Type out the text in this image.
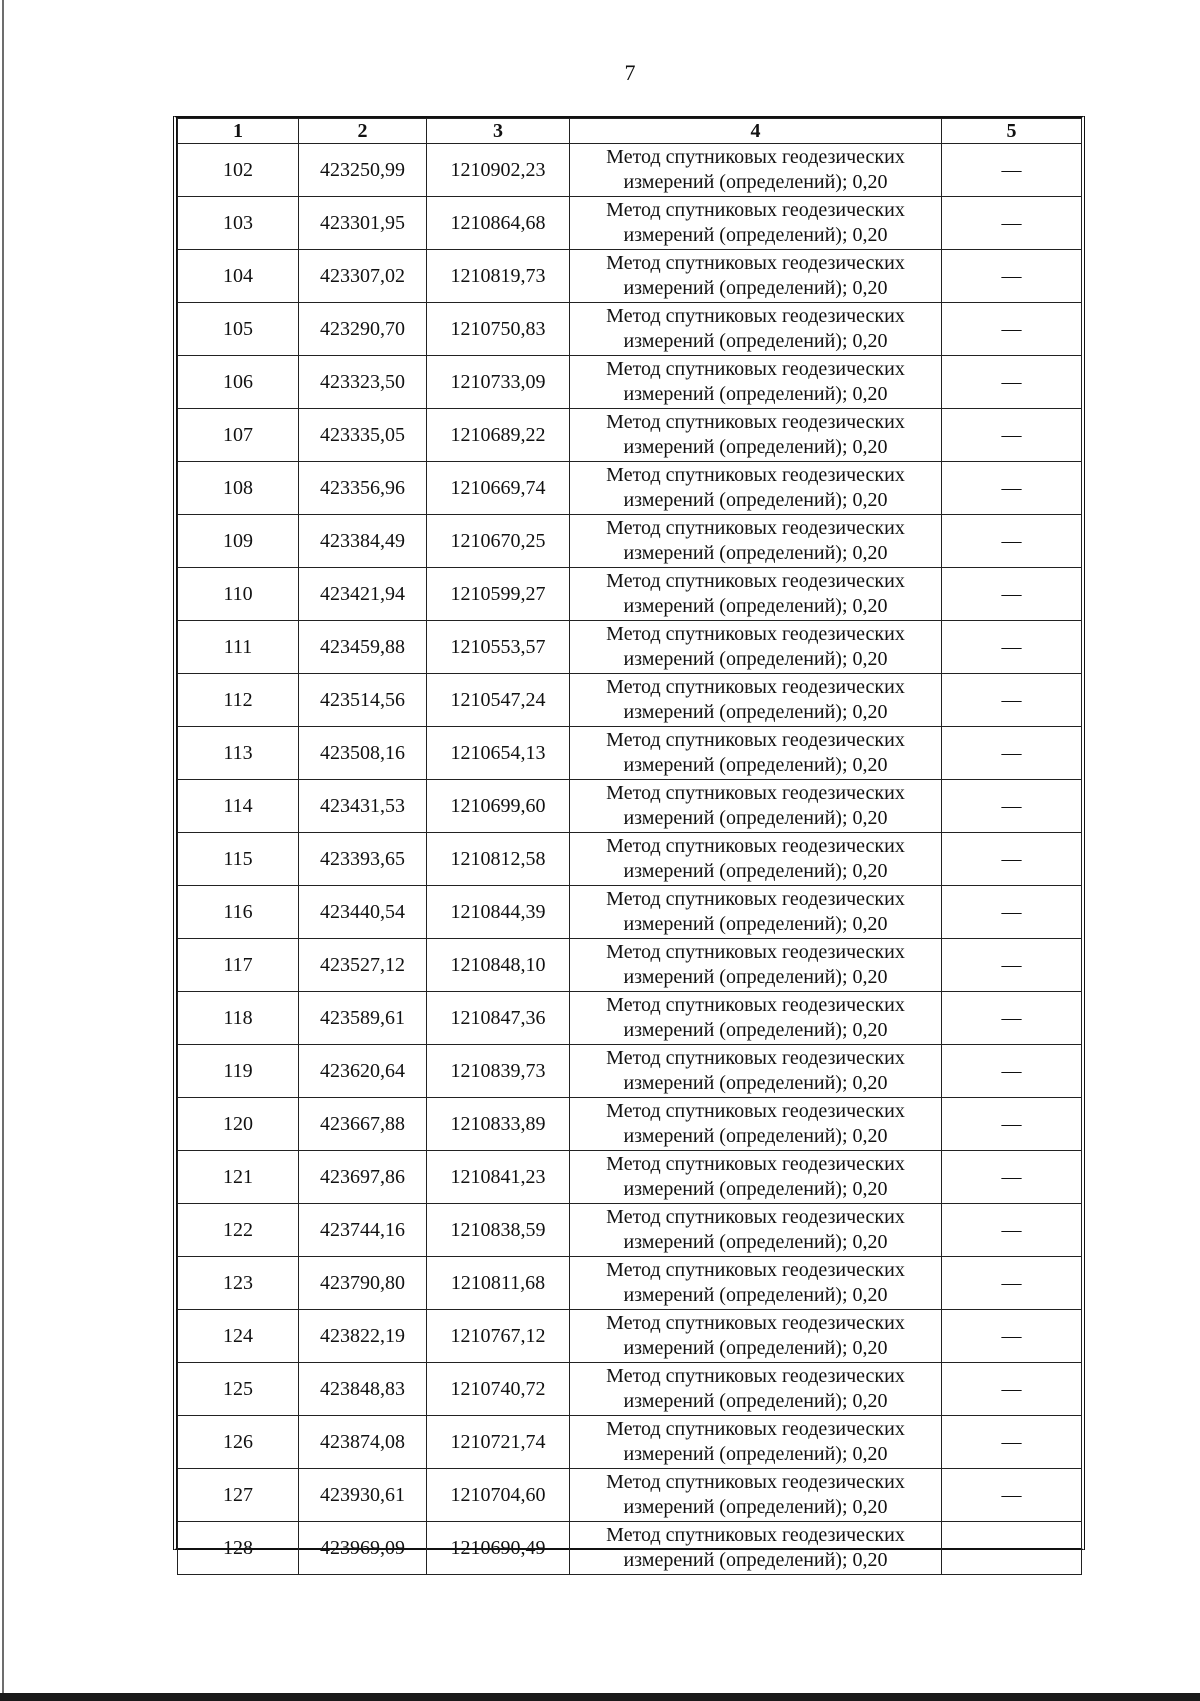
7
1	2	3	4	5
102	423250,99	1210902,23	Метод спутниковых геодезических
измерений (определений); 0,20	—
103	423301,95	1210864,68	Метод спутниковых геодезических
измерений (определений); 0,20	—
104	423307,02	1210819,73	Метод спутниковых геодезических
измерений (определений); 0,20	—
105	423290,70	1210750,83	Метод спутниковых геодезических
измерений (определений); 0,20	—
106	423323,50	1210733,09	Метод спутниковых геодезических
измерений (определений); 0,20	—
107	423335,05	1210689,22	Метод спутниковых геодезических
измерений (определений); 0,20	—
108	423356,96	1210669,74	Метод спутниковых геодезических
измерений (определений); 0,20	—
109	423384,49	1210670,25	Метод спутниковых геодезических
измерений (определений); 0,20	—
110	423421,94	1210599,27	Метод спутниковых геодезических
измерений (определений); 0,20	—
111	423459,88	1210553,57	Метод спутниковых геодезических
измерений (определений); 0,20	—
112	423514,56	1210547,24	Метод спутниковых геодезических
измерений (определений); 0,20	—
113	423508,16	1210654,13	Метод спутниковых геодезических
измерений (определений); 0,20	—
114	423431,53	1210699,60	Метод спутниковых геодезических
измерений (определений); 0,20	—
115	423393,65	1210812,58	Метод спутниковых геодезических
измерений (определений); 0,20	—
116	423440,54	1210844,39	Метод спутниковых геодезических
измерений (определений); 0,20	—
117	423527,12	1210848,10	Метод спутниковых геодезических
измерений (определений); 0,20	—
118	423589,61	1210847,36	Метод спутниковых геодезических
измерений (определений); 0,20	—
119	423620,64	1210839,73	Метод спутниковых геодезических
измерений (определений); 0,20	—
120	423667,88	1210833,89	Метод спутниковых геодезических
измерений (определений); 0,20	—
121	423697,86	1210841,23	Метод спутниковых геодезических
измерений (определений); 0,20	—
122	423744,16	1210838,59	Метод спутниковых геодезических
измерений (определений); 0,20	—
123	423790,80	1210811,68	Метод спутниковых геодезических
измерений (определений); 0,20	—
124	423822,19	1210767,12	Метод спутниковых геодезических
измерений (определений); 0,20	—
125	423848,83	1210740,72	Метод спутниковых геодезических
измерений (определений); 0,20	—
126	423874,08	1210721,74	Метод спутниковых геодезических
измерений (определений); 0,20	—
127	423930,61	1210704,60	Метод спутниковых геодезических
измерений (определений); 0,20	—
128	423969,09	1210690,49	Метод спутниковых геодезических
измерений (определений); 0,20	—
